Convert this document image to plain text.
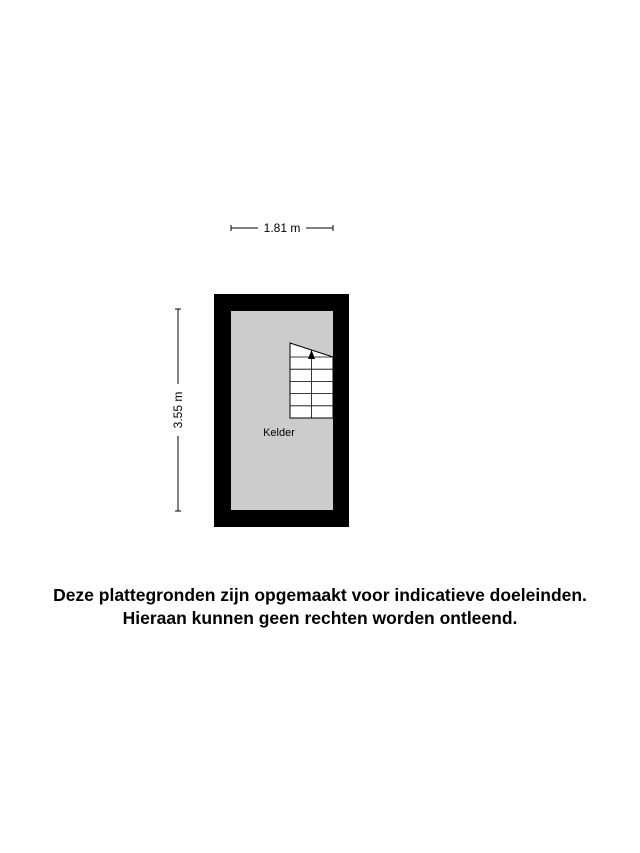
1.81 m
3.55 m
Kelder
Deze plattegronden zijn opgemaakt voor indicatieve doeleinden.
Hieraan kunnen geen rechten worden ontleend.
